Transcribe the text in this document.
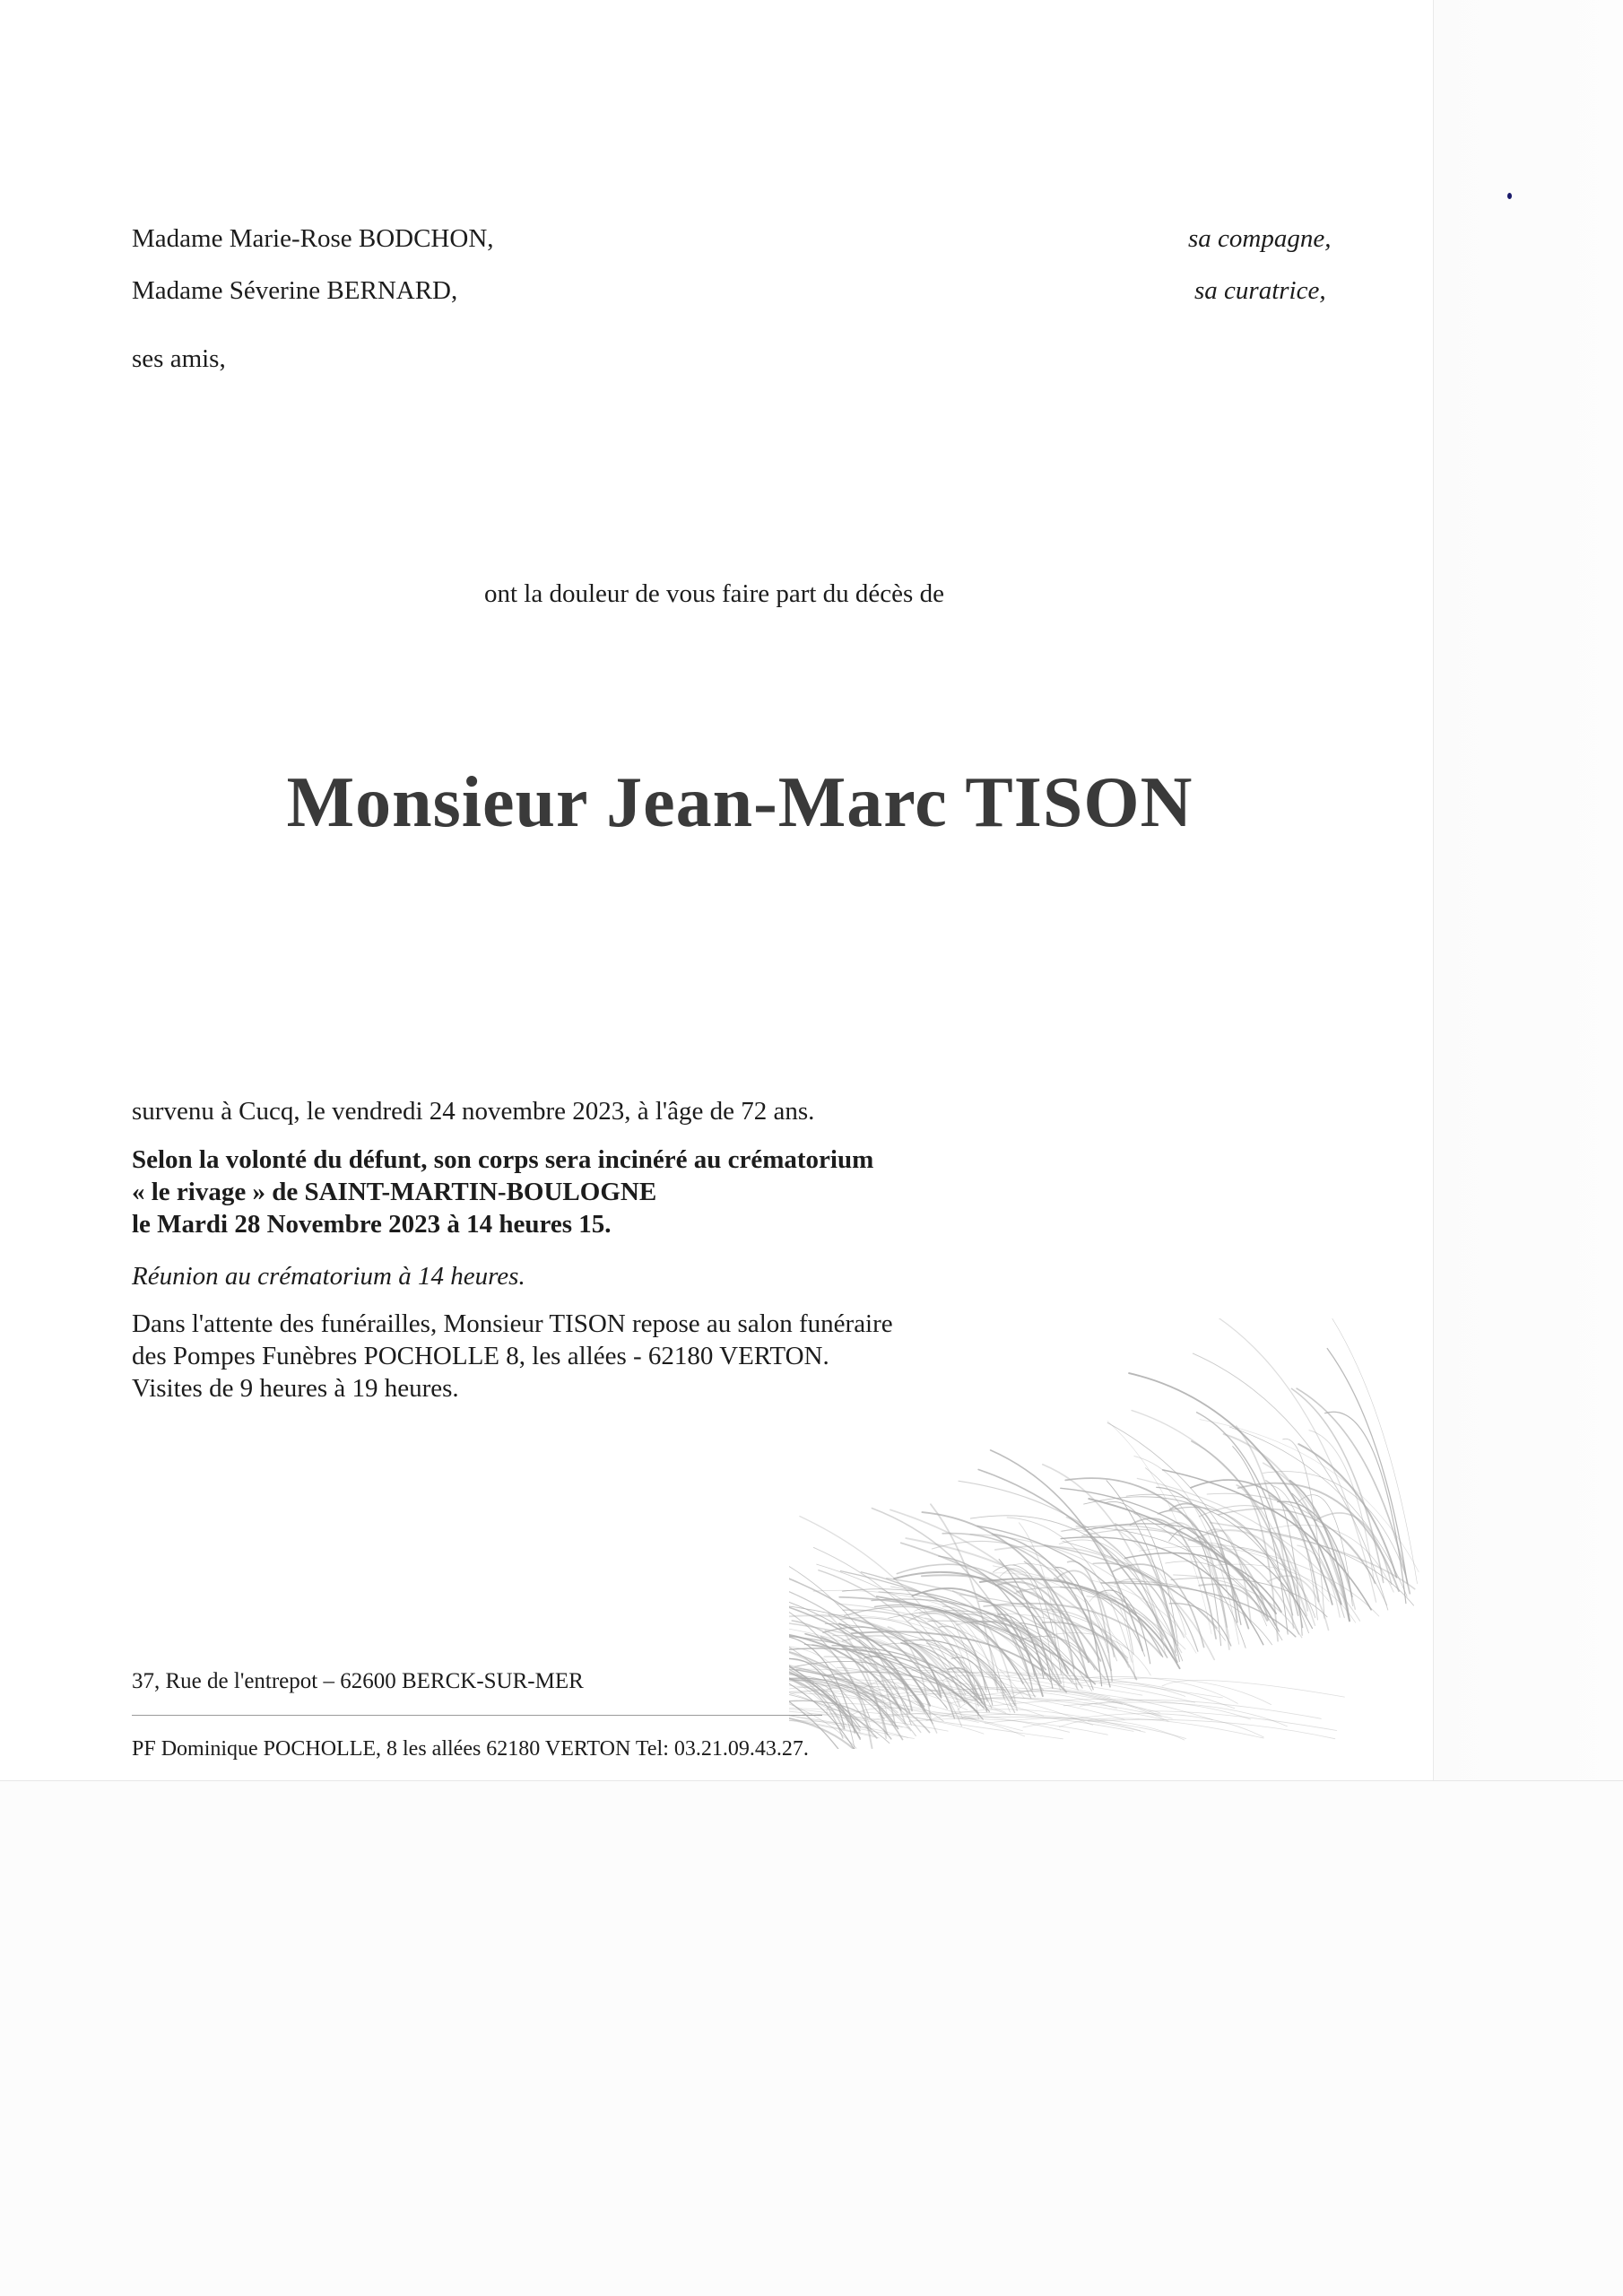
Madame Marie-Rose BODCHON,	sa compagne,
Madame Séverine BERNARD,	sa curatrice,
ses amis,
ont la douleur de vous faire part du décès de
Monsieur Jean-Marc TISON
survenu à Cucq, le vendredi 24 novembre 2023, à l'âge de 72 ans.
Selon la volonté du défunt, son corps sera incinéré au crématorium
« le rivage » de SAINT-MARTIN-BOULOGNE
le Mardi 28 Novembre 2023 à 14 heures 15.
Réunion au crématorium à 14 heures.
Dans l'attente des funérailles, Monsieur TISON repose au salon funéraire
des Pompes Funèbres POCHOLLE 8, les allées - 62180 VERTON.
Visites de 9 heures à 19 heures.
37, Rue de l'entrepot – 62600 BERCK-SUR-MER
PF Dominique POCHOLLE, 8 les allées 62180 VERTON Tel: 03.21.09.43.27.
